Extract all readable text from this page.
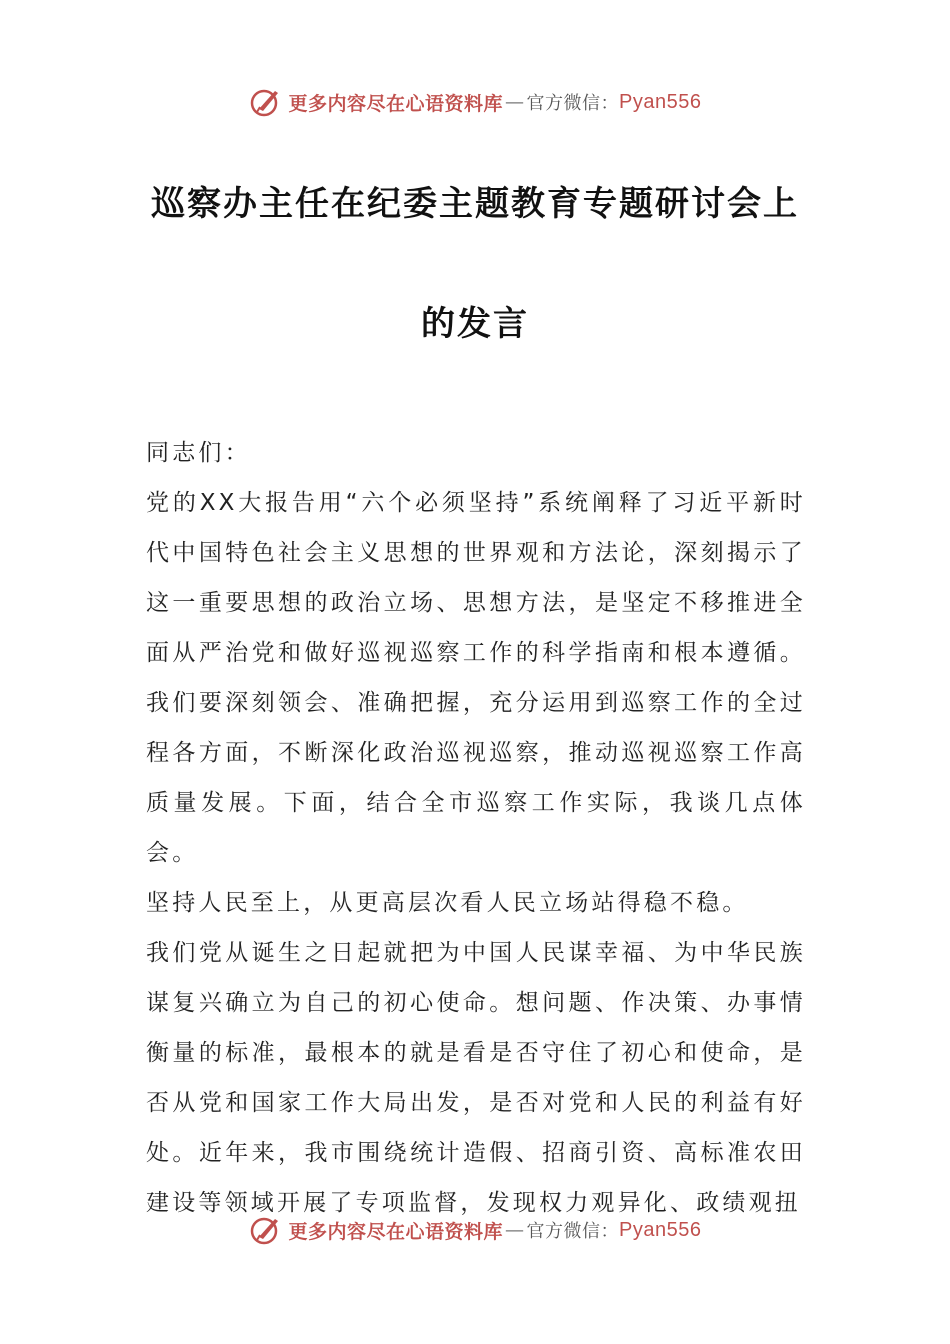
更多内容尽在心语资料库 — 官方微信： Pyan556
巡察办主任在纪委主题教育专题研讨会上
的发言

同志们：

党的XX大报告用“六个必须坚持”系统阐释了习近平新时代中国特色社会主义思想的世界观和方法论，深刻揭示了这一重要思想的政治立场、思想方法，是坚定不移推进全面从严治党和做好巡视巡察工作的科学指南和根本遵循。我们要深刻领会、准确把握，充分运用到巡察工作的全过程各方面，不断深化政治巡视巡察，推动巡视巡察工作高质量发展。下面，结合全市巡察工作实际，我谈几点体会。

坚持人民至上，从更高层次看人民立场站得稳不稳。

我们党从诞生之日起就把为中国人民谋幸福、为中华民族谋复兴确立为自己的初心使命。想问题、作决策、办事情衡量的标准，最根本的就是看是否守住了初心和使命，是否从党和国家工作大局出发，是否对党和人民的利益有好处。近年来，我市围绕统计造假、招商引资、高标准农田建设等领域开展了专项监督，发现权力观异化、政绩观扭

更多内容尽在心语资料库 — 官方微信： Pyan556
